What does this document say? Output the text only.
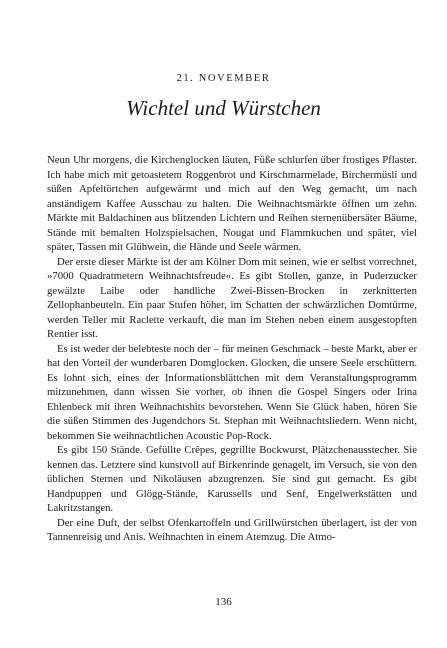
21. NOVEMBER
Wichtel und Würstchen

Neun Uhr morgens, die Kirchenglocken läuten, Füße schlurfen über frostiges Pflaster. Ich habe mich mit getoastetem Roggenbrot und Kirschmarmelade, Birchermüsli und süßen Apfeltörtchen aufgewärmt und mich auf den Weg gemacht, um nach anständigem Kaffee Ausschau zu halten. Die Weihnachtsmärkte öffnen um zehn. Märkte mit Baldachinen aus blitzenden Lichtern und Reihen sternenübersäter Bäume, Stände mit bemalten Holzspielsachen, Nougat und Flammkuchen und später, viel später, Tassen mit Glühwein, die Hände und Seele wärmen.

Der erste dieser Märkte ist der am Kölner Dom mit seinen, wie er selbst vorrechnet, »7000 Quadratmetern Weihnachtsfreude«. Es gibt Stollen, ganze, in Puderzucker gewälzte Laibe oder handliche Zwei-Bissen-Brocken in zerknitterten Zellophanbeuteln. Ein paar Stufen höher, im Schatten der schwärzlichen Domtürme, werden Teller mit Raclette verkauft, die man im Stehen neben einem ausgestopften Rentier isst.

Es ist weder der belebteste noch der – für meinen Geschmack – beste Markt, aber er hat den Vorteil der wunderbaren Domglocken. Glocken, die unsere Seele erschüttern. Es lohnt sich, eines der Informationsblättchen mit dem Veranstaltungsprogramm mitzunehmen, dann wissen Sie vorher, ob ihnen die Gospel Singers oder Irina Ehlenbeck mit ihren Weihnachtshits bevorstehen. Wenn Sie Glück haben, hören Sie die süßen Stimmen des Jugendchors St. Stephan mit Weihnachtsliedern. Wenn nicht, bekommen Sie weihnachtlichen Acoustic Pop-Rock.

Es gibt 150 Stände. Gefüllte Crêpes, gegrillte Bockwurst, Plätzchenausstecher. Sie kennen das. Letztere sind kunstvoll auf Birkenrinde genagelt, im Versuch, sie von den üblichen Sternen und Nikoläusen abzugrenzen. Sie sind gut gemacht. Es gibt Handpuppen und Glögg-Stände, Karussells und Senf, Engelwerkstätten und Lakritzstangen.

Der eine Duft, der selbst Ofenkartoffeln und Grillwürstchen überlagert, ist der von Tannenreisig und Anis. Weihnachten in einem Atemzug. Die Atmo-

136
